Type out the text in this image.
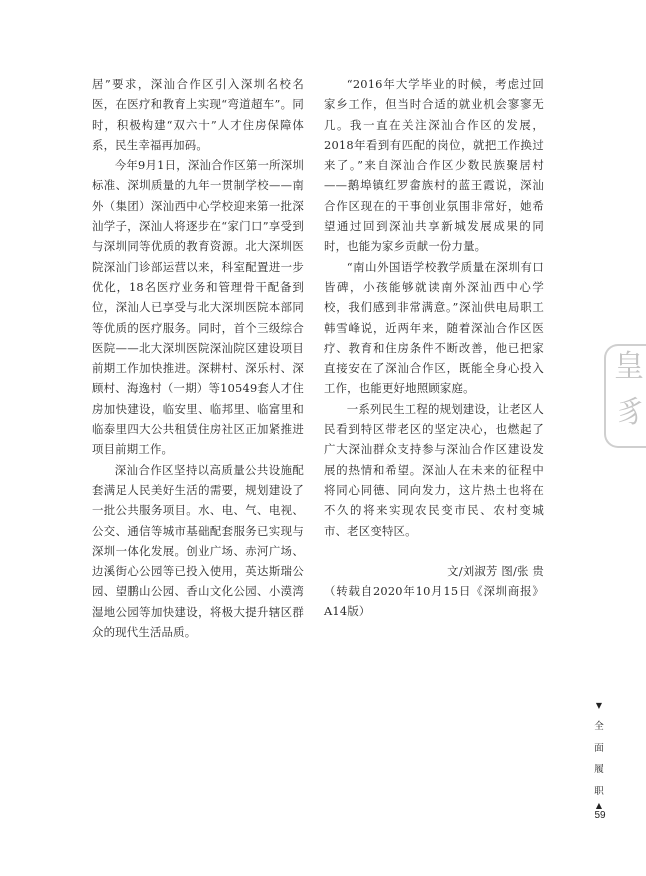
居”要求，深汕合作区引入深圳名校名医，在医疗和教育上实现“弯道超车”。同时，积极构建“双六十”人才住房保障体系，民生幸福再加码。

今年9月1日，深汕合作区第一所深圳标准、深圳质量的九年一贯制学校——南外（集团）深汕西中心学校迎来第一批深汕学子，深汕人将逐步在“家门口”享受到与深圳同等优质的教育资源。北大深圳医院深汕门诊部运营以来，科室配置进一步优化，18名医疗业务和管理骨干配备到位，深汕人已享受与北大深圳医院本部同等优质的医疗服务。同时，首个三级综合医院——北大深圳医院深汕院区建设项目前期工作加快推进。深耕村、深乐村、深顾村、海逸村（一期）等10549套人才住房加快建设，临安里、临邦里、临富里和临泰里四大公共租赁住房社区正加紧推进项目前期工作。

深汕合作区坚持以高质量公共设施配套满足人民美好生活的需要，规划建设了一批公共服务项目。水、电、气、电视、公交、通信等城市基础配套服务已实现与深圳一体化发展。创业广场、赤河广场、边溪街心公园等已投入使用，英达斯瑞公园、望鹏山公园、香山文化公园、小漠湾湿地公园等加快建设，将极大提升辖区群众的现代生活品质。

“2016年大学毕业的时候，考虑过回家乡工作，但当时合适的就业机会寥寥无几。我一直在关注深汕合作区的发展，2018年看到有匹配的岗位，就把工作换过来了。”来自深汕合作区少数民族聚居村——鹅埠镇红罗畲族村的蓝王霞说，深汕合作区现在的干事创业氛围非常好，她希望通过回到深汕共享新城发展成果的同时，也能为家乡贡献一份力量。

“南山外国语学校教学质量在深圳有口皆碑，小孩能够就读南外深汕西中心学校，我们感到非常满意。”深汕供电局职工韩雪峰说，近两年来，随着深汕合作区医疗、教育和住房条件不断改善，他已把家直接安在了深汕合作区，既能全身心投入工作，也能更好地照顾家庭。

一系列民生工程的规划建设，让老区人民看到特区带老区的坚定决心，也燃起了广大深汕群众支持参与深汕合作区建设发展的热情和希望。深汕人在未来的征程中将同心同德、同向发力，这片热土也将在不久的将来实现农民变市民、农村变城市、老区变特区。

文/刘淑芳 图/张 贵

（转载自2020年10月15日《深圳商报》A14版）

皇
豸
▼
全
面
履
职
▲
59
